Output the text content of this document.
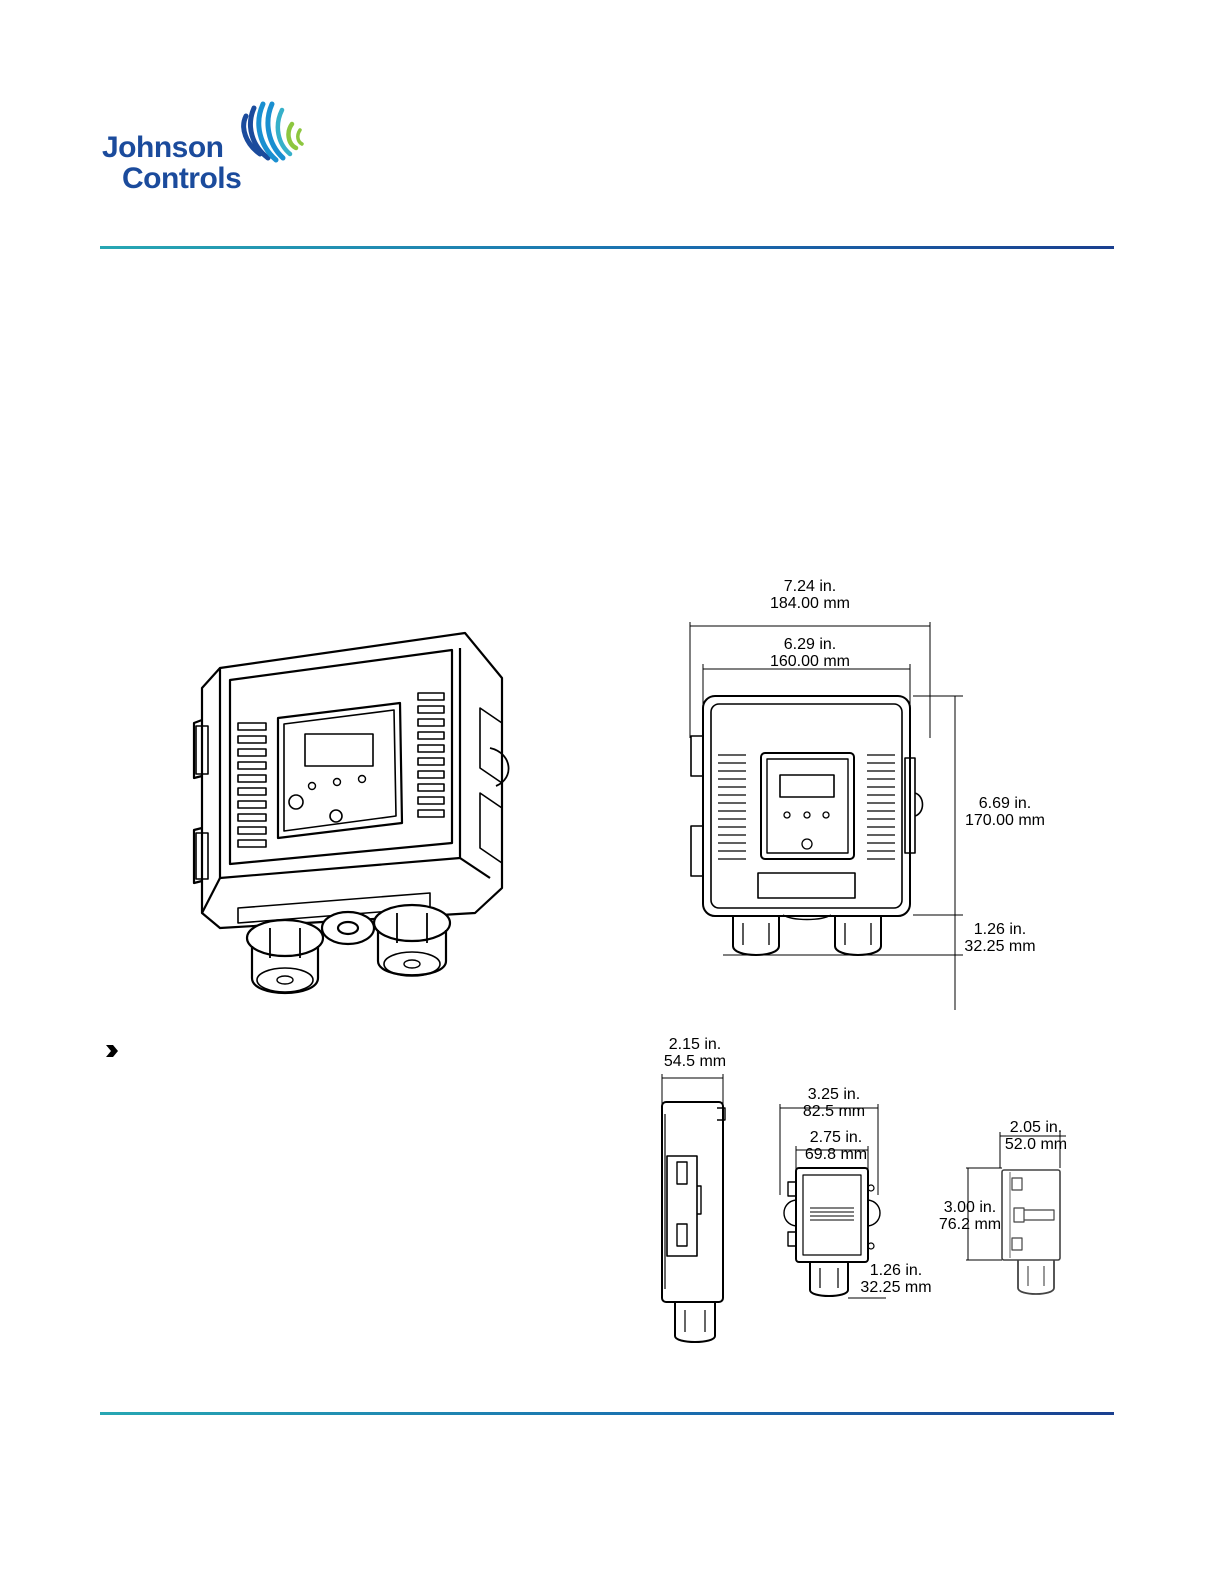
Johnson
Controls
7.24 in.
184.00 mm
6.29 in.
160.00 mm
6.69 in.
170.00 mm
1.26 in.
32.25 mm
2.15 in.
54.5 mm
3.25 in.
82.5 mm
2.75 in.
69.8 mm
1.26 in.
32.25 mm
2.05 in.
52.0 mm
3.00 in.
76.2 mm
